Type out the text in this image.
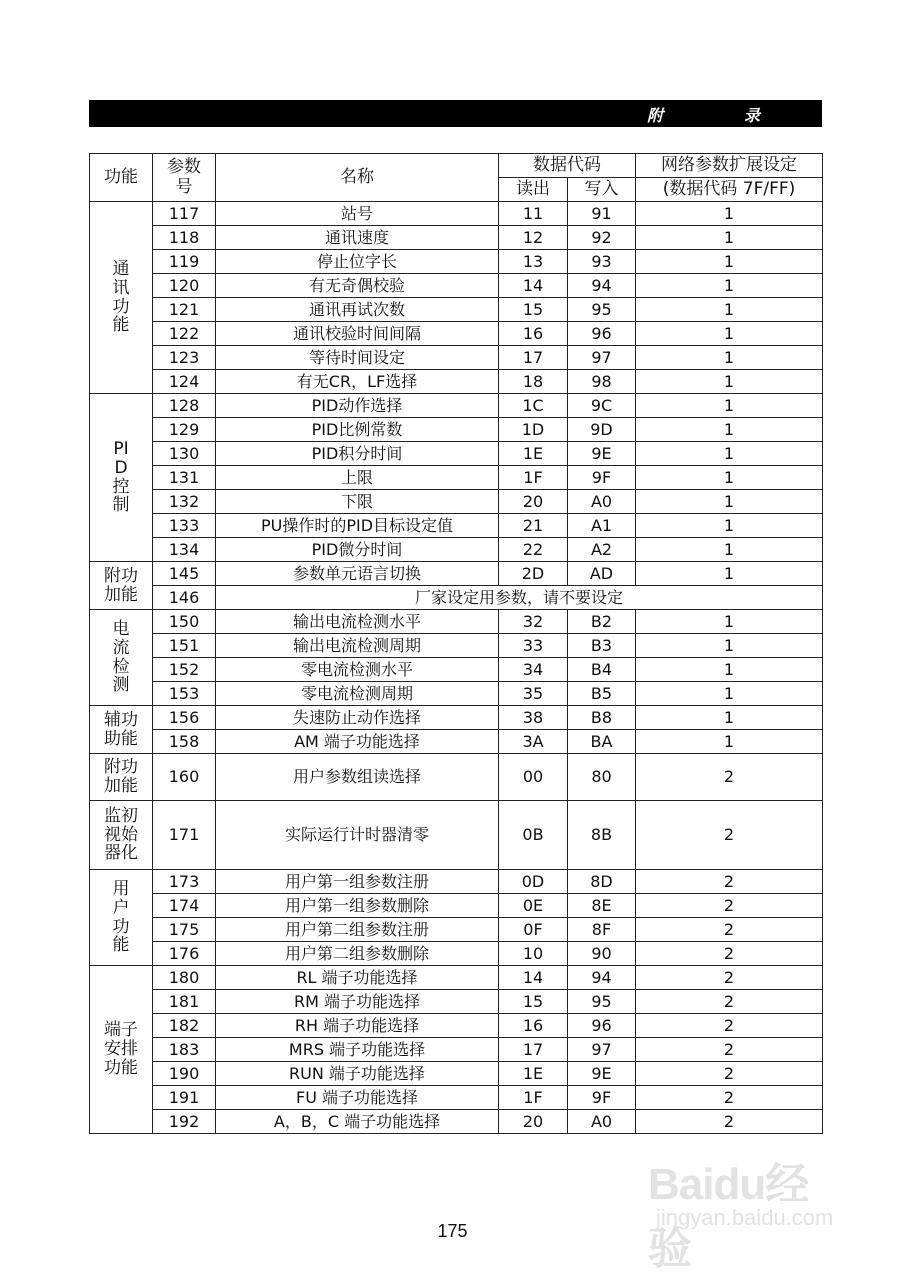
附	录
功能	参数号	名称	数据代码		网络参数扩展设定
			读出	写入	(数据代码 7F/FF)
通讯功能	117	站号	11	91	1
	118	通讯速度	12	92	1
	119	停止位字长	13	93	1
	120	有无奇偶校验	14	94	1
	121	通讯再试次数	15	95	1
	122	通讯校验时间间隔	16	96	1
	123	等待时间设定	17	97	1
	124	有无CR，LF选择	18	98	1
PID控制	128	PID动作选择	1C	9C	1
	129	PID比例常数	1D	9D	1
	130	PID积分时间	1E	9E	1
	131	上限	1F	9F	1
	132	下限	20	A0	1
	133	PU操作时的PID目标设定值	21	A1	1
	134	PID微分时间	22	A2	1
附功加能	145	参数单元语言切换	2D	AD	1
	146	厂家设定用参数，请不要设定			
电流检测	150	输出电流检测水平	32	B2	1
	151	输出电流检测周期	33	B3	1
	152	零电流检测水平	34	B4	1
	153	零电流检测周期	35	B5	1
辅功助能	156	失速防止动作选择	38	B8	1
	158	AM 端子功能选择	3A	BA	1
附功加能	160	用户参数组读选择	00	80	2
监初视始器化	171	实际运行计时器清零	0B	8B	2
用户功能	173	用户第一组参数注册	0D	8D	2
	174	用户第一组参数删除	0E	8E	2
	175	用户第二组参数注册	0F	8F	2
	176	用户第二组参数删除	10	90	2
端子安排功能	180	RL 端子功能选择	14	94	2
	181	RM 端子功能选择	15	95	2
	182	RH 端子功能选择	16	96	2
	183	MRS 端子功能选择	17	97	2
	190	RUN 端子功能选择	1E	9E	2
	191	FU 端子功能选择	1F	9F	2
	192	A，B，C 端子功能选择	20	A0	2
175
Baidu经验
jingyan.baidu.com
